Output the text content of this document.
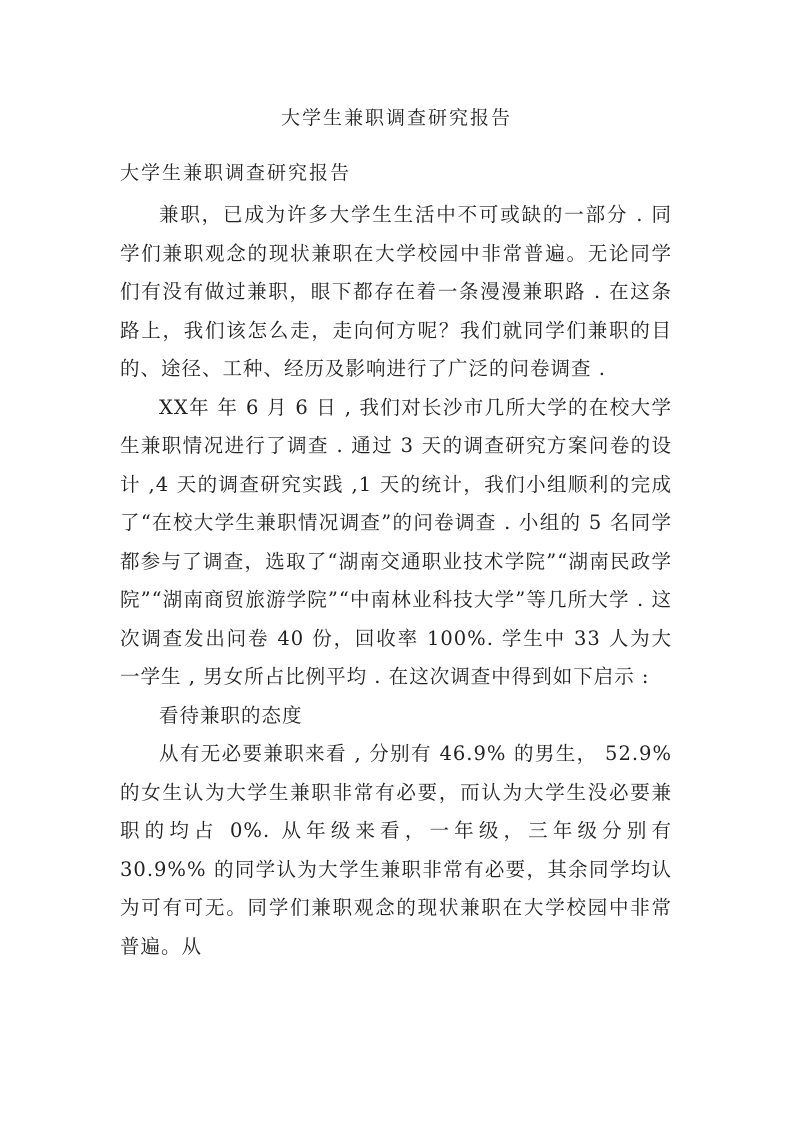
大学生兼职调查研究报告
大学生兼职调查研究报告

兼职，已成为许多大学生生活中不可或缺的一部分 . 同学们兼职观念的现状兼职在大学校园中非常普遍。无论同学们有没有做过兼职，眼下都存在着一条漫漫兼职路 . 在这条路上，我们该怎么走，走向何方呢？我们就同学们兼职的目的、途径、工种、经历及影响进行了广泛的问卷调查 .

XX年 年 6 月 6 日 , 我们对长沙市几所大学的在校大学生兼职情况进行了调查 . 通过 3 天的调查研究方案问卷的设计 ,4 天的调查研究实践 ,1 天的统计，我们小组顺利的完成了“在校大学生兼职情况调查”的问卷调查 . 小组的 5 名同学都参与了调查，选取了“湖南交通职业技术学院”“湖南民政学院”“湖南商贸旅游学院”“中南林业科技大学”等几所大学 . 这次调查发出问卷 40 份，回收率 100%. 学生中 33 人为大一学生 , 男女所占比例平均 . 在这次调查中得到如下启示 :

看待兼职的态度

从有无必要兼职来看 , 分别有 46.9% 的男生， 52.9% 的女生认为大学生兼职非常有必要，而认为大学生没必要兼职的均占 0%. 从年级来看，一年级，三年级分别有 30.9%% 的同学认为大学生兼职非常有必要，其余同学均认为可有可无。同学们兼职观念的现状兼职在大学校园中非常普遍。从
